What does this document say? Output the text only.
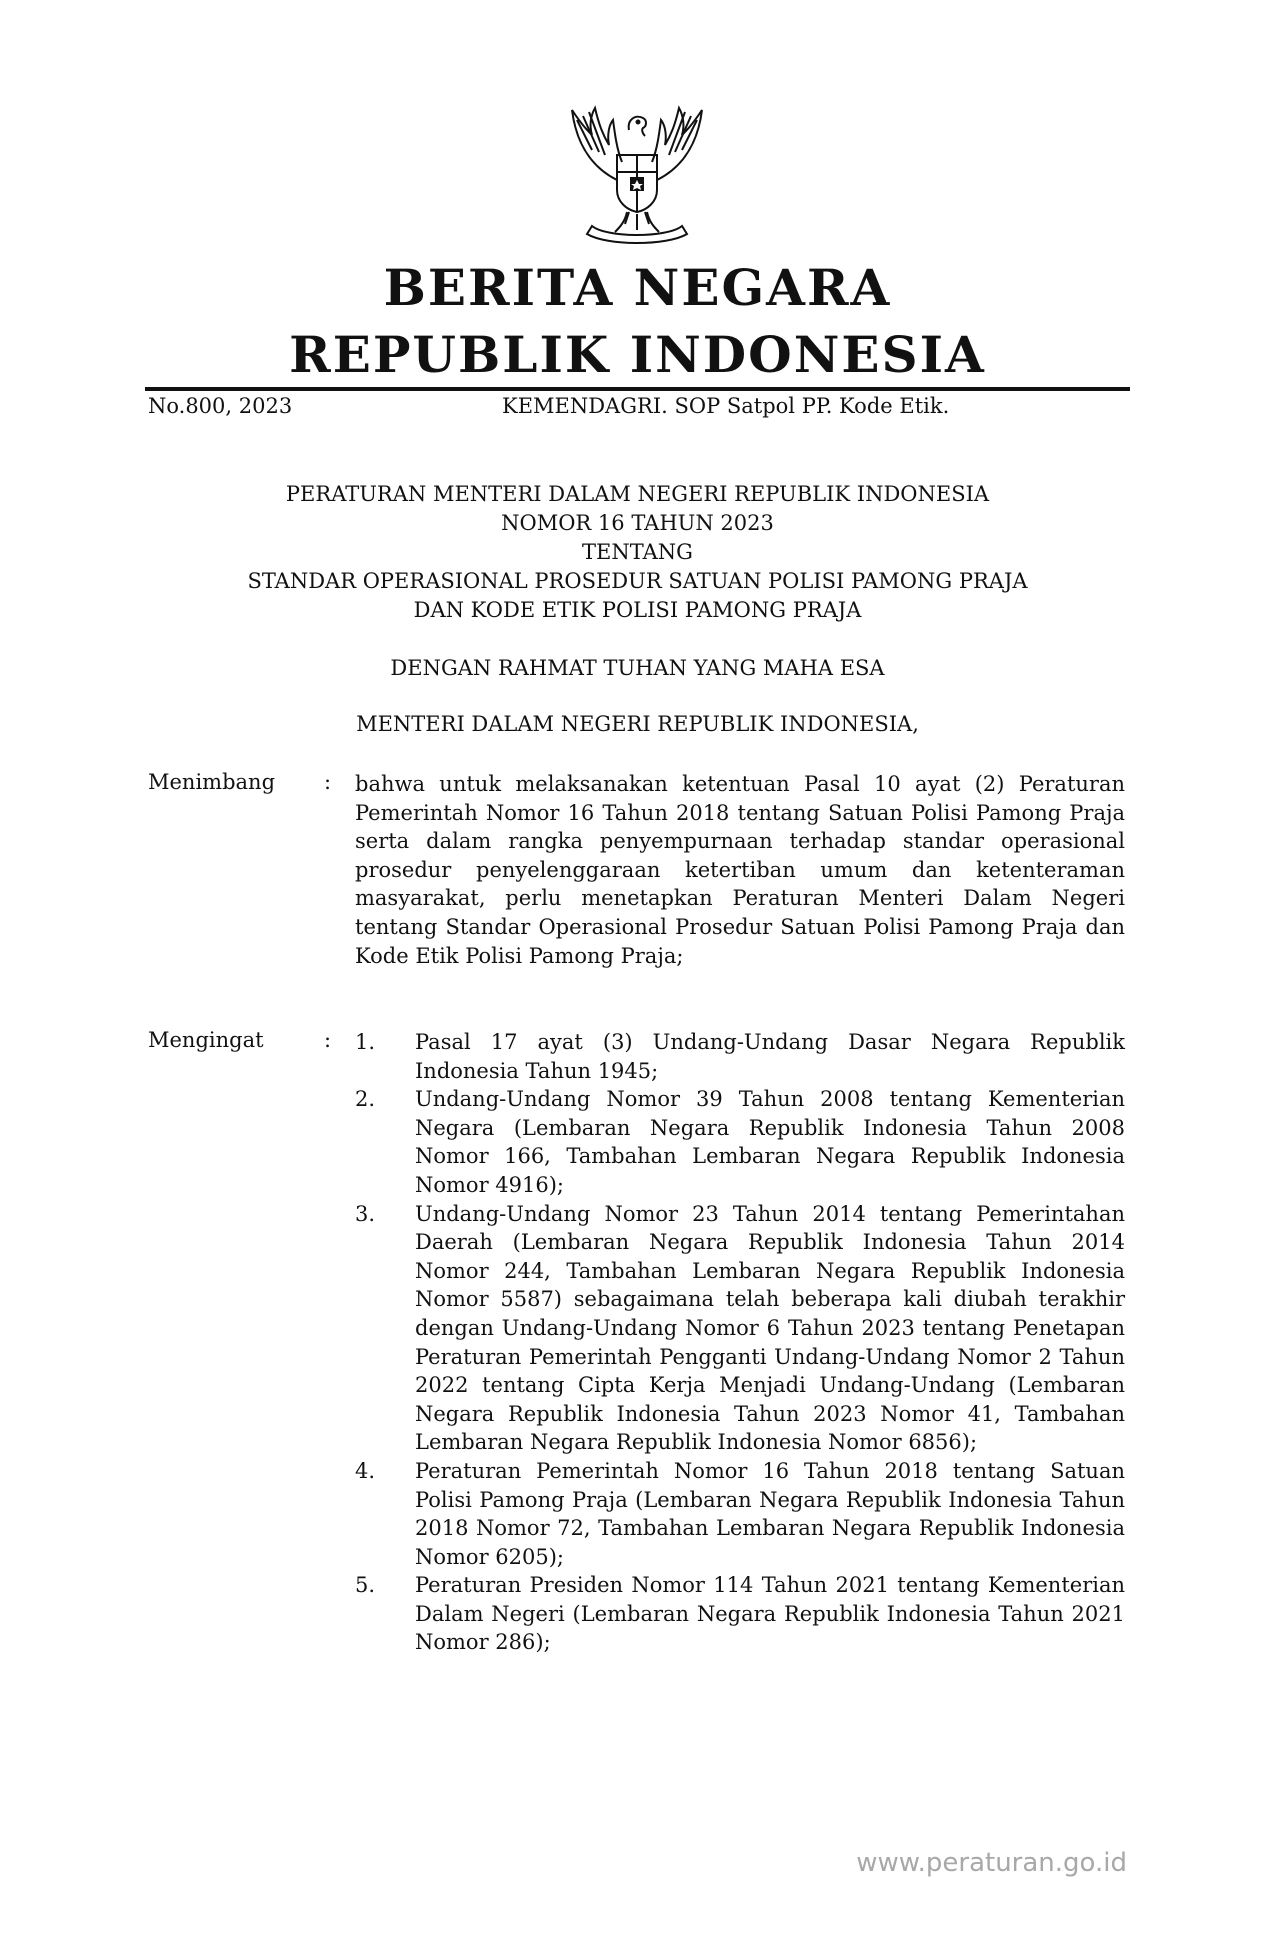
BERITA NEGARA
REPUBLIK INDONESIA
No.800, 2023	KEMENDAGRI. SOP Satpol PP. Kode Etik.
PERATURAN MENTERI DALAM NEGERI REPUBLIK INDONESIA
NOMOR 16 TAHUN 2023
TENTANG
STANDAR OPERASIONAL PROSEDUR SATUAN POLISI PAMONG PRAJA
DAN KODE ETIK POLISI PAMONG PRAJA
DENGAN RAHMAT TUHAN YANG MAHA ESA
MENTERI DALAM NEGERI REPUBLIK INDONESIA,
Menimbang : bahwa untuk melaksanakan ketentuan Pasal 10 ayat (2) Peraturan Pemerintah Nomor 16 Tahun 2018 tentang Satuan Polisi Pamong Praja serta dalam rangka penyempurnaan terhadap standar operasional prosedur penyelenggaraan ketertiban umum dan ketenteraman masyarakat, perlu menetapkan Peraturan Menteri Dalam Negeri tentang Standar Operasional Prosedur Satuan Polisi Pamong Praja dan Kode Etik Polisi Pamong Praja;
Mengingat	: 1. Pasal 17 ayat (3) Undang-Undang Dasar Negara Republik Indonesia Tahun 1945;
2. Undang-Undang Nomor 39 Tahun 2008 tentang Kementerian Negara (Lembaran Negara Republik Indonesia Tahun 2008 Nomor 166, Tambahan Lembaran Negara Republik Indonesia Nomor 4916);
3. Undang-Undang Nomor 23 Tahun 2014 tentang Pemerintahan Daerah (Lembaran Negara Republik Indonesia Tahun 2014 Nomor 244, Tambahan Lembaran Negara Republik Indonesia Nomor 5587) sebagaimana telah beberapa kali diubah terakhir dengan Undang-Undang Nomor 6 Tahun 2023 tentang Penetapan Peraturan Pemerintah Pengganti Undang-Undang Nomor 2 Tahun 2022 tentang Cipta Kerja Menjadi Undang-Undang (Lembaran Negara Republik Indonesia Tahun 2023 Nomor 41, Tambahan Lembaran Negara Republik Indonesia Nomor 6856);
4. Peraturan Pemerintah Nomor 16 Tahun 2018 tentang Satuan Polisi Pamong Praja (Lembaran Negara Republik Indonesia Tahun 2018 Nomor 72, Tambahan Lembaran Negara Republik Indonesia Nomor 6205);
5. Peraturan Presiden Nomor 114 Tahun 2021 tentang Kementerian Dalam Negeri (Lembaran Negara Republik Indonesia Tahun 2021 Nomor 286);
www.peraturan.go.id
